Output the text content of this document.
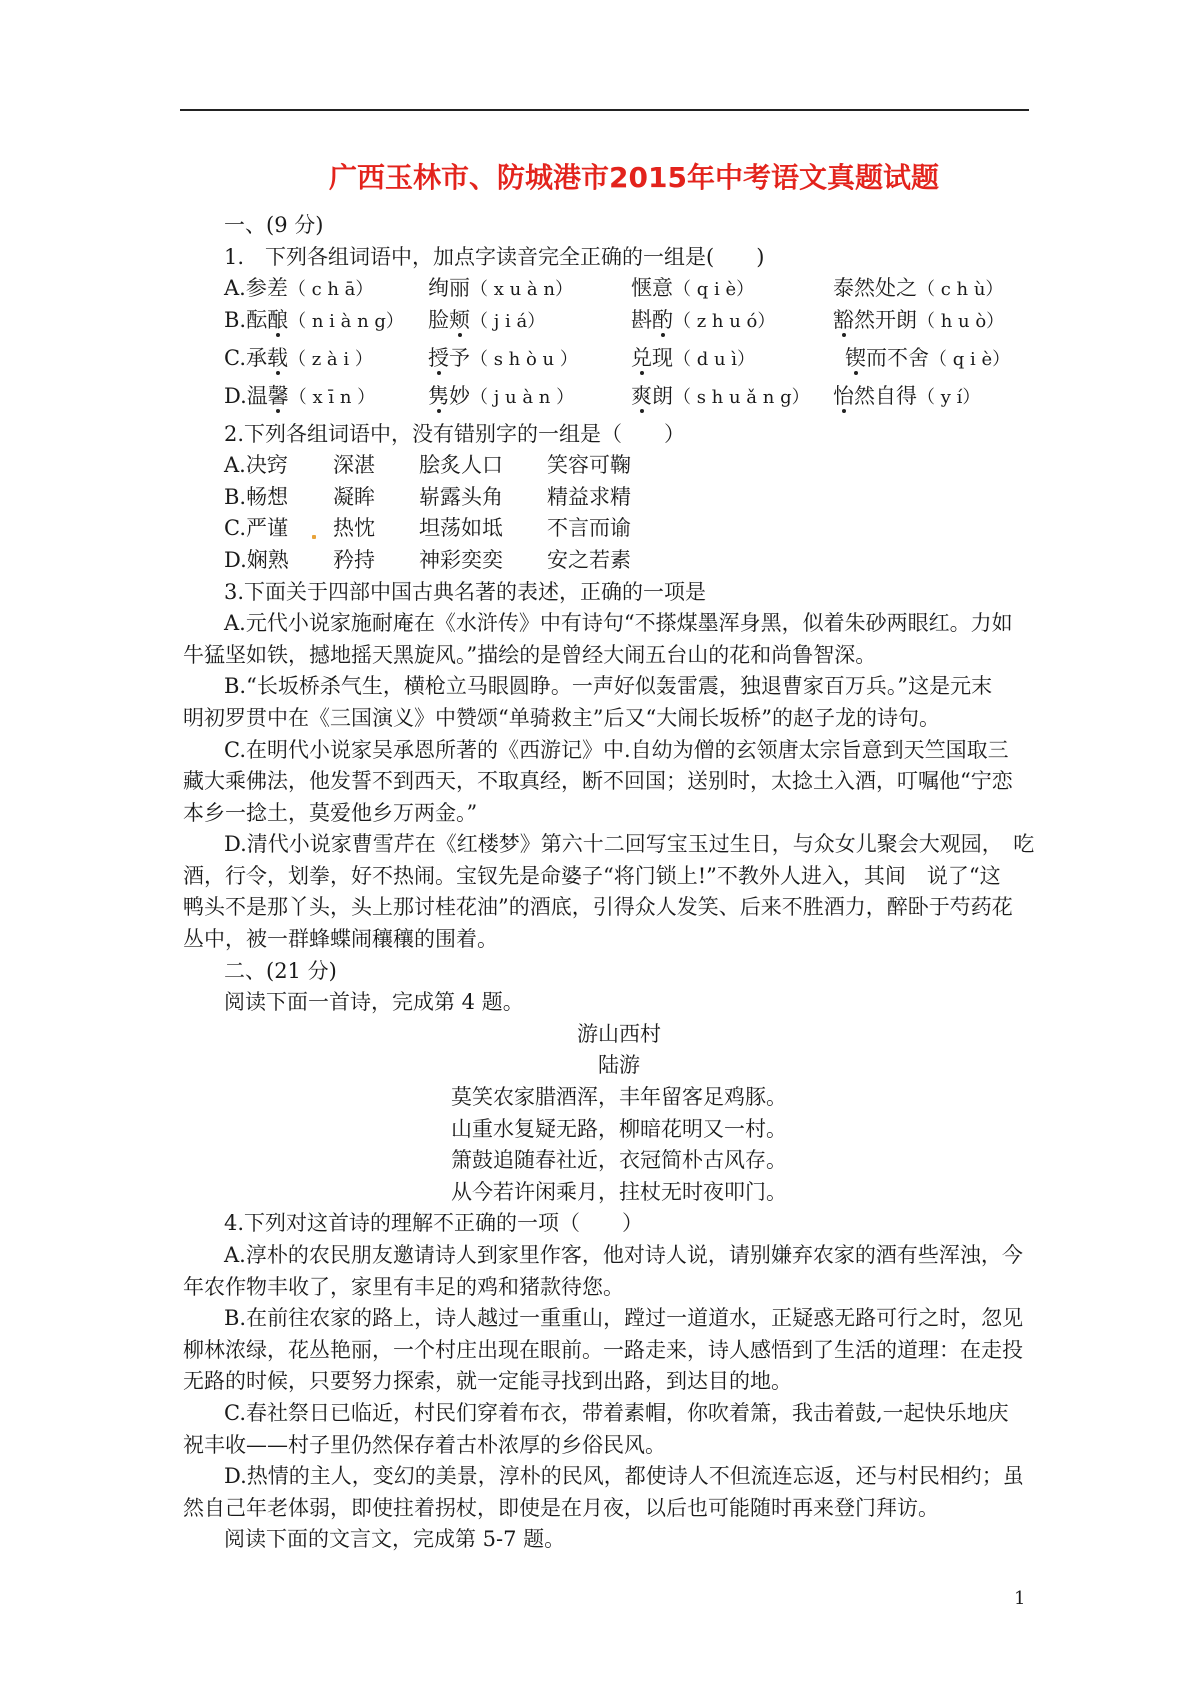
广西玉林市、防城港市2015年中考语文真题试题
一、(9 分)
1.　下列各组词语中，加点字读音完全正确的一组是(　　)
A.参差（ c h ā）	绚丽（ x u à n）	惬意（ q i è）	泰然处之（ c h ù）
B.酝酿（ n i à n g） 脸颊（ j i á）	斟酌（ z h u ó）	豁然开朗（ h u ò）
C.承载（ z à i ）	授予（ s h ò u ）	兑现（ d u ì）	锲而不舍（ q i è）
D.温馨（ x ī n ）	隽妙（ j u à n ）	爽朗（ s h u ǎ n g） 怡然自得（ y í）
2.下列各组词语中，没有错别字的一组是（　　）
A.决窍 深湛 脍炙人口 笑容可鞠
B.畅想 凝眸 崭露头角 精益求精
C.严谨 热忱 坦荡如坻 不言而谕
D.娴熟 矜持 神彩奕奕 安之若素
3.下面关于四部中国古典名著的表述，正确的一项是
A.元代小说家施耐庵在《水浒传》中有诗句“不搽煤墨浑身黑，似着朱砂两眼红。力如
牛猛坚如铁，撼地摇天黑旋风。”描绘的是曾经大闹五台山的花和尚鲁智深。
B.“长坂桥杀气生，横枪立马眼圆睁。一声好似轰雷震，独退曹家百万兵。”这是元末
明初罗贯中在《三国演义》中赞颂“单骑救主”后又“大闹长坂桥”的赵子龙的诗句。
C.在明代小说家吴承恩所著的《西游记》中.自幼为僧的玄领唐太宗旨意到天竺国取三
藏大乘佛法，他发誓不到西天，不取真经，断不回国；送别时，太捻土入酒，叮嘱他“宁恋
本乡一捻土，莫爱他乡万两金。”
D.清代小说家曹雪芹在《红楼梦》第六十二回写宝玉过生日，与众女儿聚会大观园，　吃
酒，行令，划拳，好不热闹。宝钗先是命婆子“将门锁上!”不教外人进入，其间　说了“这
鸭头不是那丫头，头上那讨桂花油”的酒底，引得众人发笑、后来不胜酒力，醉卧于芍药花
丛中，被一群蜂蝶闹穰穰的围着。
二、(21 分)
阅读下面一首诗，完成第 4 题。
游山西村
陆游
莫笑农家腊酒浑，丰年留客足鸡豚。
山重水复疑无路，柳暗花明又一村。
箫鼓追随春社近，衣冠简朴古风存。
从今若许闲乘月，拄杖无时夜叩门。
4.下列对这首诗的理解不正确的一项（　　）
A.淳朴的农民朋友邀请诗人到家里作客，他对诗人说，请别嫌弃农家的酒有些浑浊，今
年农作物丰收了，家里有丰足的鸡和猪款待您。
B.在前往农家的路上，诗人越过一重重山，蹚过一道道水，正疑惑无路可行之时，忽见
柳林浓绿，花丛艳丽，一个村庄出现在眼前。一路走来，诗人感悟到了生活的道理：在走投
无路的时候，只要努力探索，就一定能寻找到出路，到达目的地。
C.春社祭日已临近，村民们穿着布衣，带着素帽，你吹着箫，我击着鼓,一起快乐地庆
祝丰收——村子里仍然保存着古朴浓厚的乡俗民风。
D.热情的主人，变幻的美景，淳朴的民风，都使诗人不但流连忘返，还与村民相约；虽
然自己年老体弱，即使拄着拐杖，即使是在月夜，以后也可能随时再来登门拜访。
阅读下面的文言文，完成第 5-7 题。
1
